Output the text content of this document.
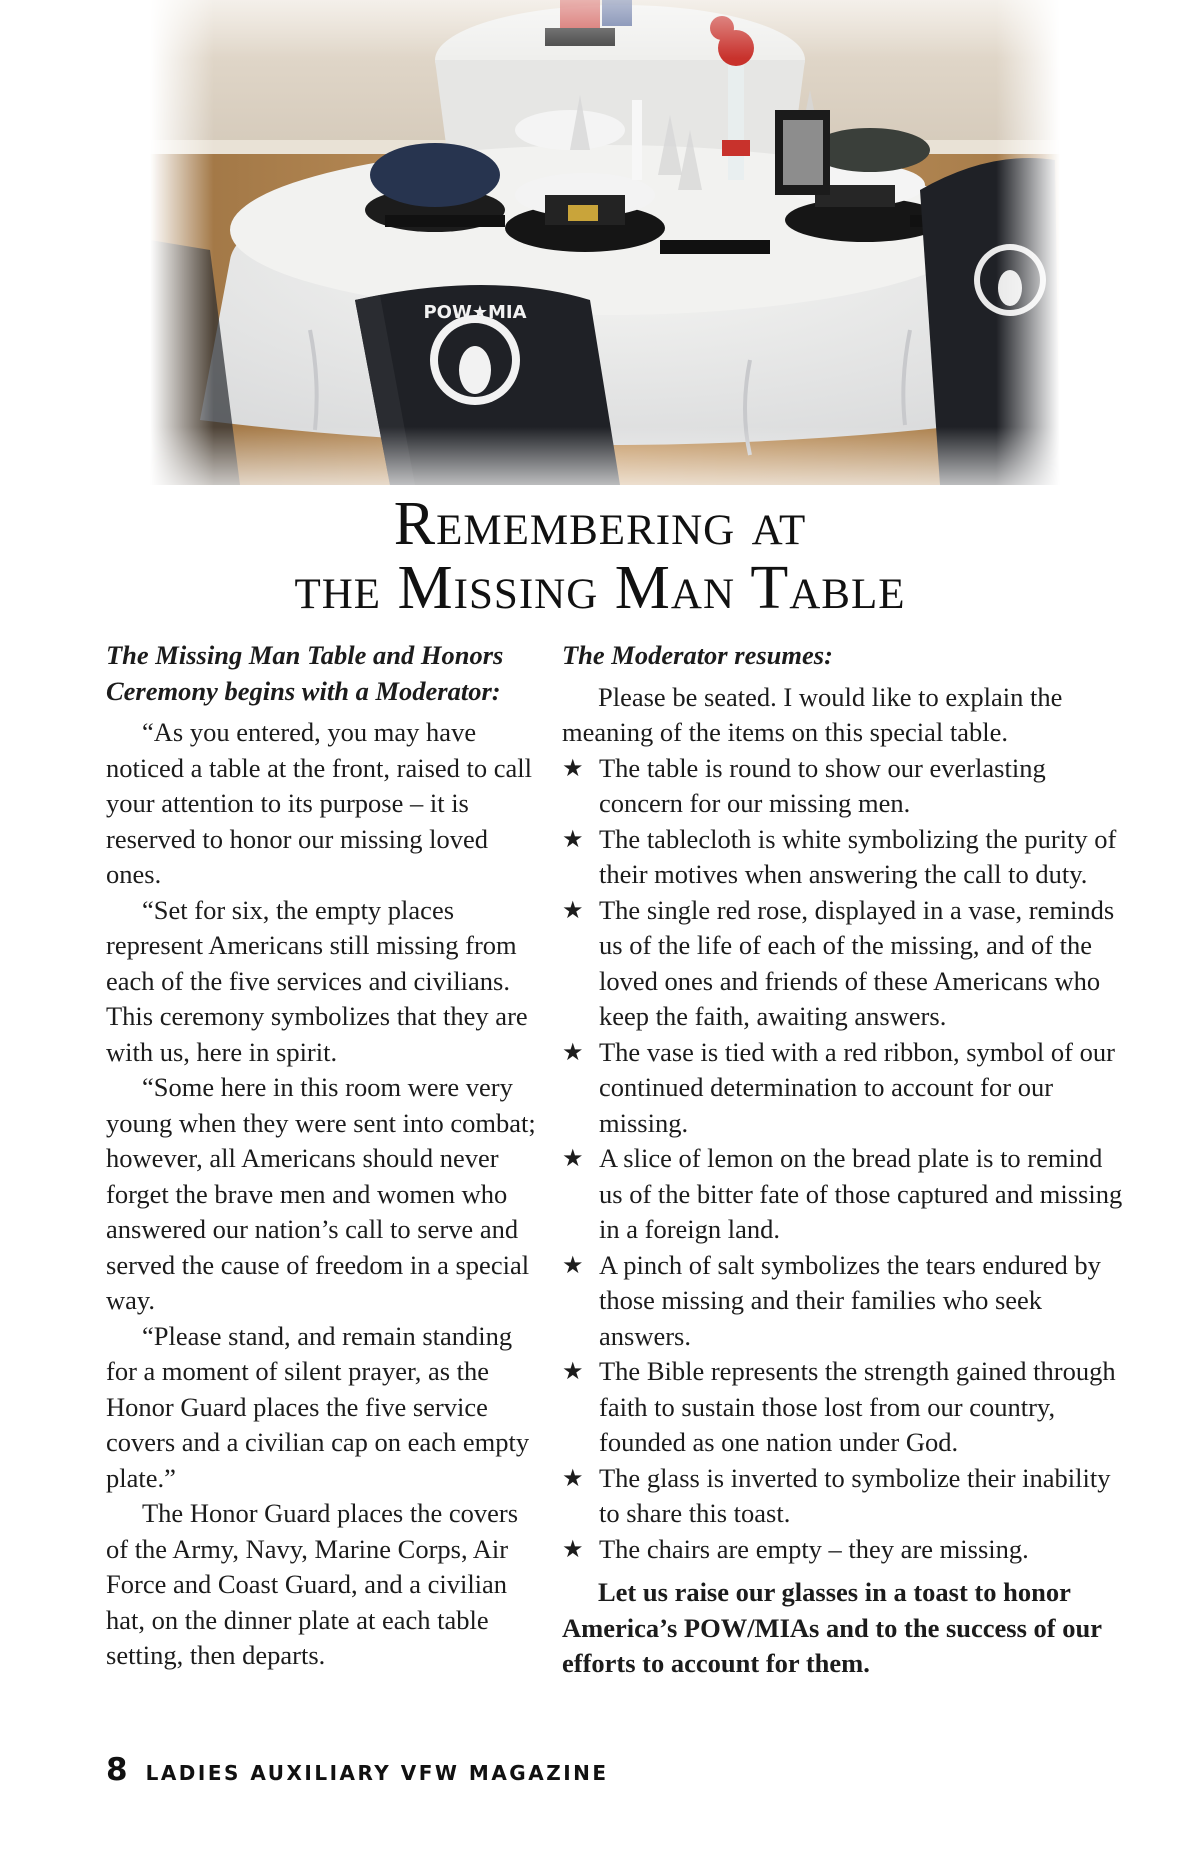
Remembering at
the Missing Man Table
The Missing Man Table and Honors Ceremony begins with a Moderator:

“As you entered, you may have noticed a table at the front, raised to call your attention to its purpose – it is reserved to honor our missing loved ones.

“Set for six, the empty places represent Americans still missing from each of the five services and civilians. This ceremony symbolizes that they are with us, here in spirit.

“Some here in this room were very young when they were sent into combat; however, all Americans should never forget the brave men and women who answered our nation’s call to serve and served the cause of freedom in a special way.

“Please stand, and remain standing for a moment of silent prayer, as the Honor Guard places the five service covers and a civilian cap on each empty plate.”

The Honor Guard places the covers of the Army, Navy, Marine Corps, Air Force and Coast Guard, and a civilian hat, on the dinner plate at each table setting, then departs.

The Moderator resumes:

Please be seated. I would like to explain the meaning of the items on this special table.

★ The table is round to show our everlasting concern for our missing men.
★ The tablecloth is white symbolizing the purity of their motives when answering the call to duty.
★ The single red rose, displayed in a vase, reminds us of the life of each of the missing, and of the loved ones and friends of these Americans who keep the faith, awaiting answers.
★ The vase is tied with a red ribbon, symbol of our continued determination to account for our missing.
★ A slice of lemon on the bread plate is to remind us of the bitter fate of those captured and missing in a foreign land.
★ A pinch of salt symbolizes the tears endured by those missing and their families who seek answers.
★ The Bible represents the strength gained through faith to sustain those lost from our country, founded as one nation under God.
★ The glass is inverted to symbolize their inability to share this toast.
★ The chairs are empty – they are missing.

Let us raise our glasses in a toast to honor America’s POW/MIAs and to the success of our efforts to account for them.

8 LADIES AUXILIARY VFW MAGAZINE
